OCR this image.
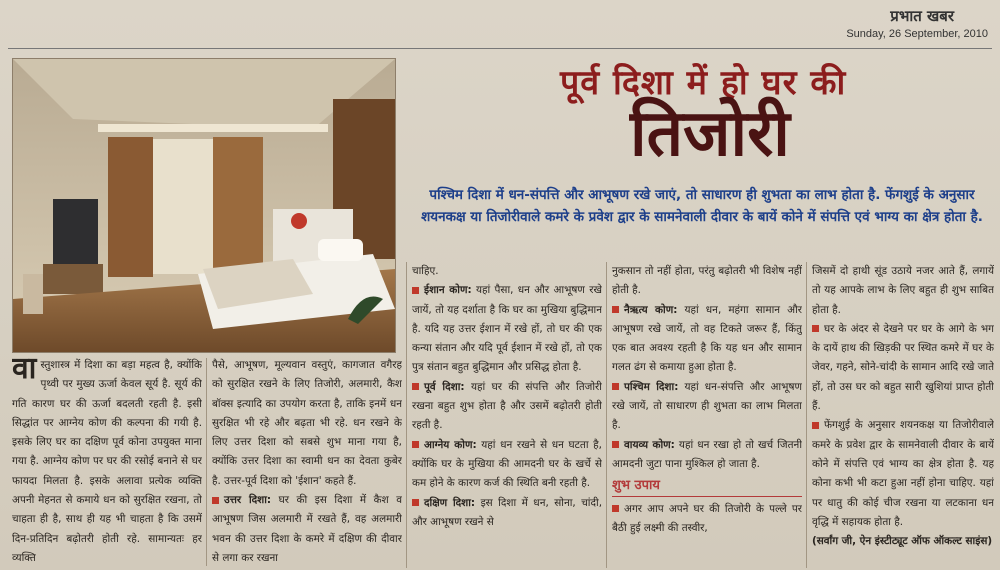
प्रभात खबर
Sunday, 26 September, 2010
पूर्व दिशा में हो घर की
तिजोरी
पश्चिम दिशा में धन-संपत्ति और आभूषण रखे जाएं, तो साधारण ही शुभता का लाभ होता है. फेंगशुई के अनुसार शयनकक्ष या तिजोरीवाले कमरे के प्रवेश द्वार के सामनेवाली दीवार के बायें कोने में संपत्ति एवं भाग्य का क्षेत्र होता है.
वा स्तुशास्त्र में दिशा का बड़ा महत्व है, क्योंकि पृथ्वी पर मुख्य ऊर्जा केवल सूर्य है. सूर्य की गति कारण घर की ऊर्जा बदलती रहती है. इसी सिद्धांत पर आग्नेय कोण की कल्पना की गयी है. इसके लिए घर का दक्षिण पूर्व कोना उपयुक्त माना गया है. आग्नेय कोण पर घर की रसोई बनाने से घर फायदा मिलता है. इसके अलावा प्रत्येक व्यक्ति अपनी मेहनत से कमाये धन को सुरक्षित रखना, तो चाहता ही है, साथ ही यह भी चाहता है कि उसमें दिन-प्रतिदिन बढ़ोतरी होती रहे. सामान्यतः हर व्यक्ति

पैसे, आभूषण, मूल्यवान वस्तुएं, कागजात वगैरह को सुरक्षित रखने के लिए तिजोरी, अलमारी, कैश बॉक्स इत्यादि का उपयोग करता है, ताकि इनमें धन सुरक्षित भी रहे और बढ़ता भी रहे. धन रखने के लिए उत्तर दिशा को सबसे शुभ माना गया है, क्योंकि उत्तर दिशा का स्वामी धन का देवता कुबेर है. उत्तर-पूर्व दिशा को 'ईशान' कहते हैं.

उत्तर दिशा: घर की इस दिशा में कैश व आभूषण जिस अलमारी में रखते हैं, वह अलमारी भवन की उत्तर दिशा के कमरे में दक्षिण की दीवार से लगा कर रखना

चाहिए.

ईशान कोण: यहां पैसा, धन और आभूषण रखे जायें, तो यह दर्शाता है कि घर का मुखिया बुद्धिमान है. यदि यह उत्तर ईशान में रखे हों, तो घर की एक कन्या संतान और यदि पूर्व ईशान में रखे हों, तो एक पुत्र संतान बहुत बुद्धिमान और प्रसिद्ध होता है.

पूर्व दिशा: यहां घर की संपत्ति और तिजोरी रखना बहुत शुभ होता है और उसमें बढ़ोतरी होती रहती है.

आग्नेय कोण: यहां धन रखने से धन घटता है, क्योंकि घर के मुखिया की आमदनी घर के खर्चे से कम होने के कारण कर्ज की स्थिति बनी रहती है.

दक्षिण दिशा: इस दिशा में धन, सोना, चांदी, और आभूषण रखने से

नुकसान तो नहीं होता, परंतु बढ़ोतरी भी विशेष नहीं होती है.

नैऋत्य कोण: यहां धन, महंगा सामान और आभूषण रखे जायें, तो वह टिकते जरूर हैं, किंतु एक बात अवश्य रहती है कि यह धन और सामान गलत ढंग से कमाया हुआ होता है.

पश्चिम दिशा: यहां धन-संपत्ति और आभूषण रखे जायें, तो साधारण ही शुभता का लाभ मिलता है.

वायव्य कोण: यहां धन रखा हो तो खर्च जितनी आमदनी जुटा पाना मुश्किल हो जाता है.

शुभ उपाय

अगर आप अपने घर की तिजोरी के पल्ले पर बैठी हुई लक्ष्मी की तस्वीर,

जिसमें दो हाथी सूंड उठाये नजर आते हैं, लगायें तो यह आपके लाभ के लिए बहुत ही शुभ साबित होता है.

घर के अंदर से देखने पर घर के आगे के भग के दायें हाथ की खिड़की पर स्थित कमरे में घर के जेवर, गहने, सोने-चांदी के सामान आदि रखे जाते हों, तो उस घर को बहुत सारी खुशियां प्राप्त होती हैं.

फेंगशुई के अनुसार शयनकक्ष या तिजोरीवाले कमरे के प्रवेश द्वार के सामनेवाली दीवार के बायें कोने में संपत्ति एवं भाग्य का क्षेत्र होता है. यह कोना कभी भी कटा हुआ नहीं होना चाहिए. यहां पर धातु की कोई चीज रखना या लटकाना धन वृद्धि में सहायक होता है.

(सर्वांग जी, ऐन इंस्टीट्यूट ऑफ ऑकल्ट साइंस)
